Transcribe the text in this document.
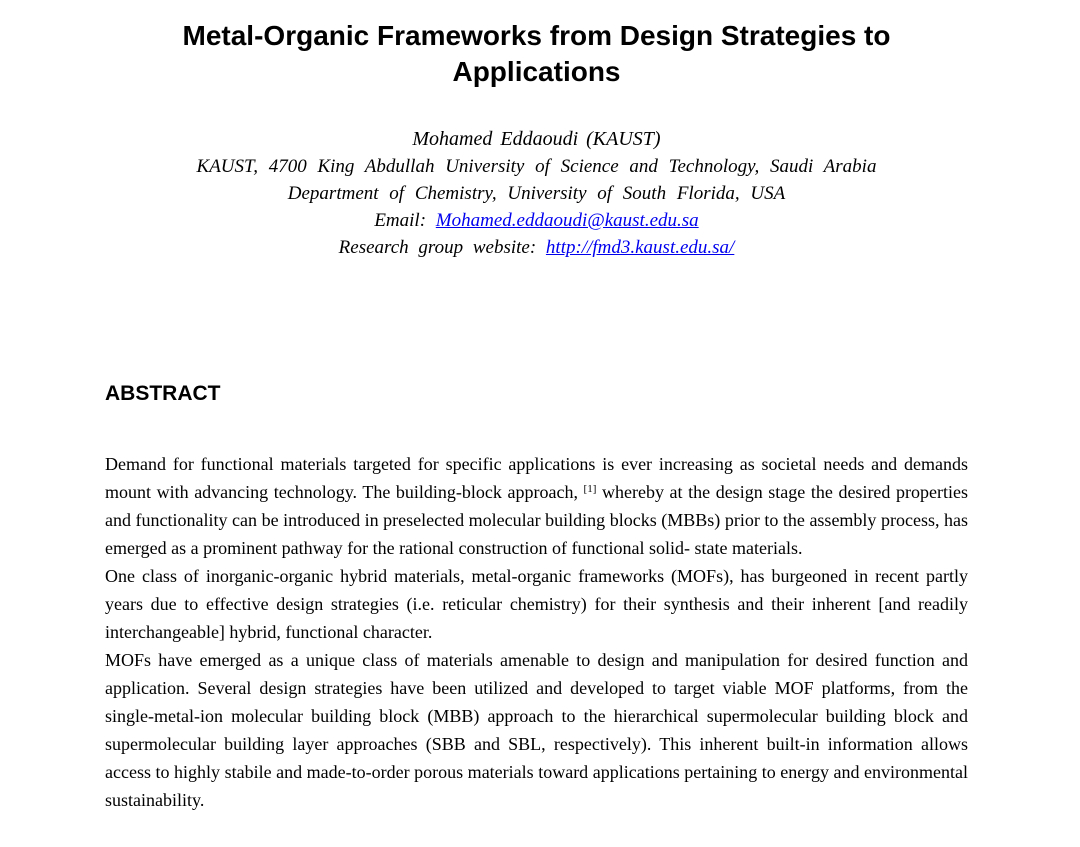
Metal-Organic Frameworks from Design Strategies to Applications
Mohamed Eddaoudi (KAUST)
KAUST, 4700 King Abdullah University of Science and Technology, Saudi Arabia
Department of Chemistry, University of South Florida, USA
Email: Mohamed.eddaoudi@kaust.edu.sa
Research group website: http://fmd3.kaust.edu.sa/
ABSTRACT

Demand for functional materials targeted for specific applications is ever increasing as societal needs and demands mount with advancing technology. The building-block approach, [1] whereby at the design stage the desired properties and functionality can be introduced in preselected molecular building blocks (MBBs) prior to the assembly process, has emerged as a prominent pathway for the rational construction of functional solid- state materials.

One class of inorganic-organic hybrid materials, metal-organic frameworks (MOFs), has burgeoned in recent partly years due to effective design strategies (i.e. reticular chemistry) for their synthesis and their inherent [and readily interchangeable] hybrid, functional character.

MOFs have emerged as a unique class of materials amenable to design and manipulation for desired function and application. Several design strategies have been utilized and developed to target viable MOF platforms, from the single-metal-ion molecular building block (MBB) approach to the hierarchical supermolecular building block and supermolecular building layer approaches (SBB and SBL, respectively). This inherent built-in information allows access to highly stabile and made-to-order porous materials toward applications pertaining to energy and environmental sustainability.
